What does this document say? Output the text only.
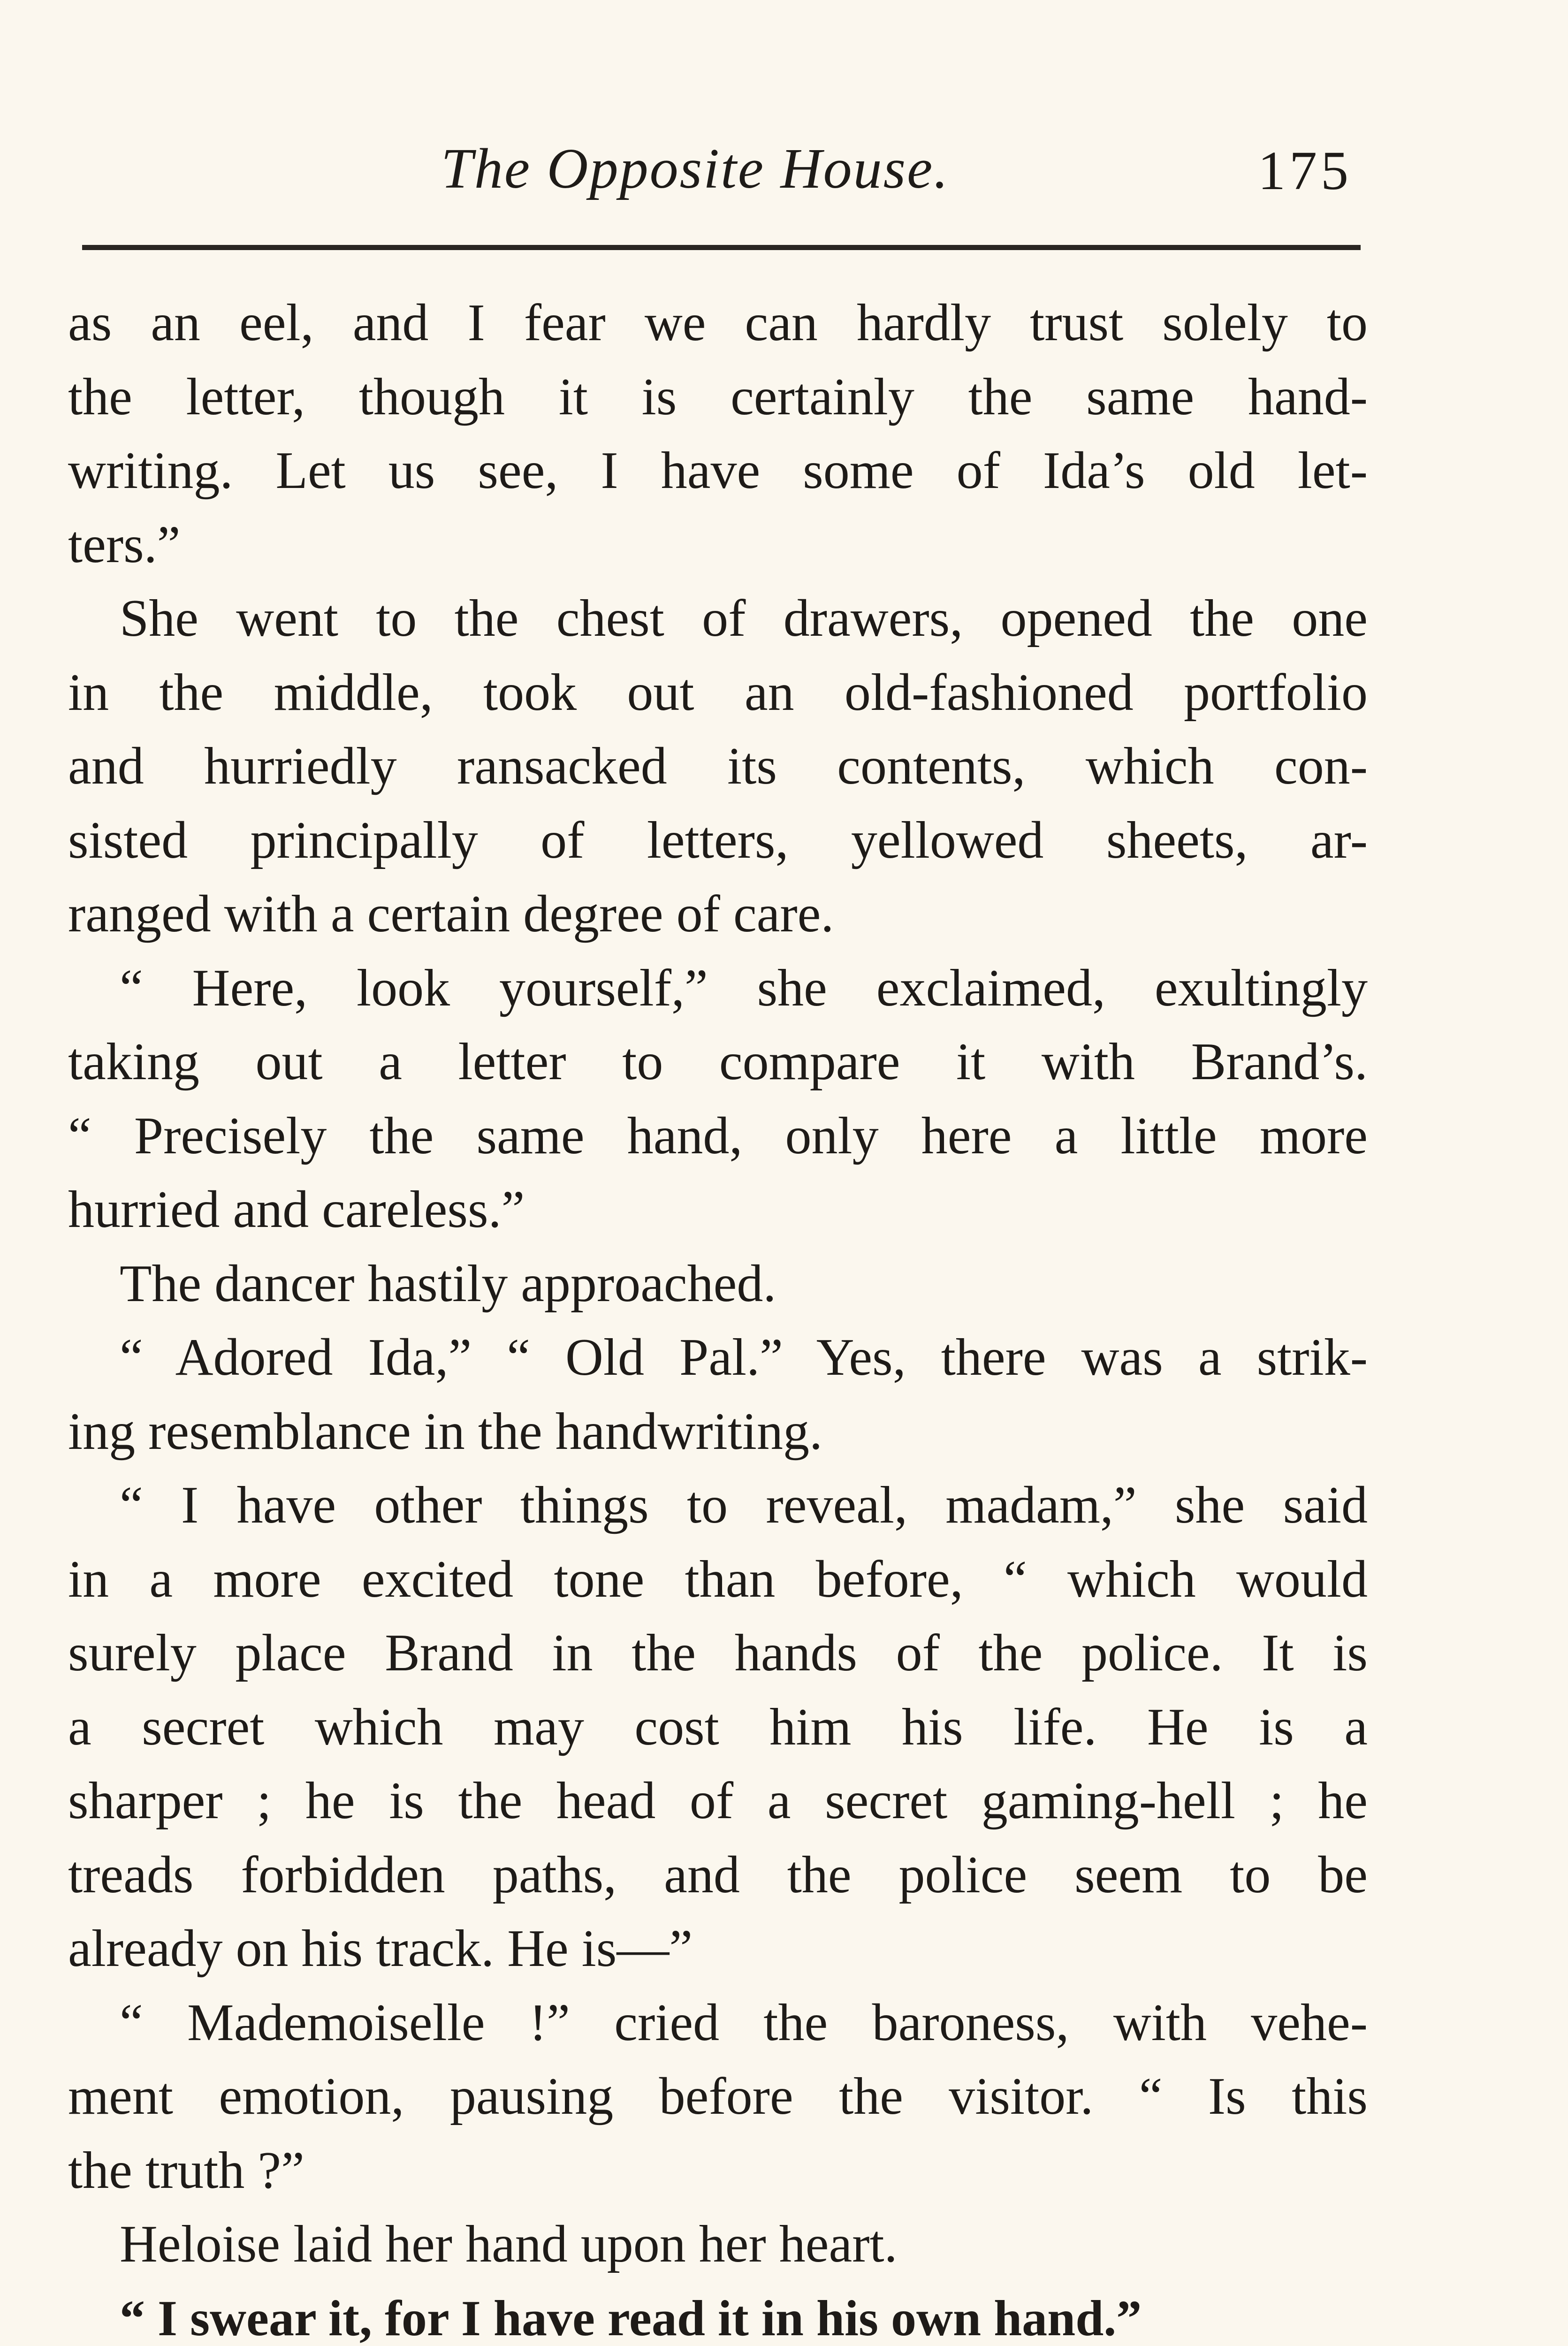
The Opposite House.	175
as an eel, and I fear we can hardly trust solely to
the letter, though it is certainly the same hand-
writing. Let us see, I have some of Ida’s old let-
ters.”
She went to the chest of drawers, opened the one
in the middle, took out an old-fashioned portfolio
and hurriedly ransacked its contents, which con-
sisted principally of letters, yellowed sheets, ar-
ranged with a certain degree of care.
“ Here, look yourself,” she exclaimed, exultingly
taking out a letter to compare it with Brand’s.
“ Precisely the same hand, only here a little more
hurried and careless.”
The dancer hastily approached.
“ Adored Ida,” “ Old Pal.” Yes, there was a strik-
ing resemblance in the handwriting.
“ I have other things to reveal, madam,” she said
in a more excited tone than before, “ which would
surely place Brand in the hands of the police. It is
a secret which may cost him his life. He is a
sharper ; he is the head of a secret gaming-hell ; he
treads forbidden paths, and the police seem to be
already on his track. He is—”
“ Mademoiselle !” cried the baroness, with vehe-
ment emotion, pausing before the visitor. “ Is this
the truth ?”
Heloise laid her hand upon her heart.
“ I swear it, for I have read it in his own hand.”
